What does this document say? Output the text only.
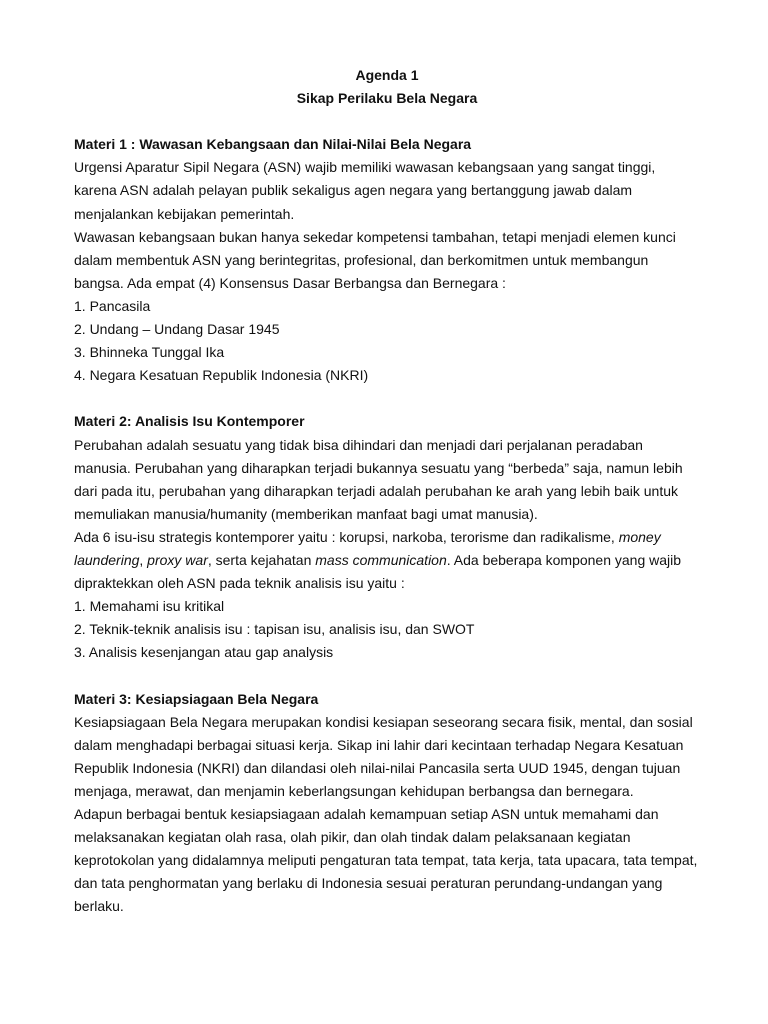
Agenda 1
Sikap Perilaku Bela Negara
Materi 1 : Wawasan Kebangsaan dan Nilai-Nilai Bela Negara

Urgensi Aparatur Sipil Negara (ASN) wajib memiliki wawasan kebangsaan yang sangat tinggi, karena ASN adalah pelayan publik sekaligus agen negara yang bertanggung jawab dalam menjalankan kebijakan pemerintah.

Wawasan kebangsaan bukan hanya sekedar kompetensi tambahan, tetapi menjadi elemen kunci dalam membentuk ASN yang berintegritas, profesional, dan berkomitmen untuk membangun bangsa. Ada empat (4) Konsensus Dasar Berbangsa dan Bernegara :

1. Pancasila
2. Undang – Undang Dasar 1945
3. Bhinneka Tunggal Ika
4. Negara Kesatuan Republik Indonesia (NKRI)
Materi 2: Analisis Isu Kontemporer

Perubahan adalah sesuatu yang tidak bisa dihindari dan menjadi dari perjalanan peradaban manusia. Perubahan yang diharapkan terjadi bukannya sesuatu yang “berbeda” saja, namun lebih dari pada itu, perubahan yang diharapkan terjadi adalah perubahan ke arah yang lebih baik untuk memuliakan manusia/humanity (memberikan manfaat bagi umat manusia).

Ada 6 isu-isu strategis kontemporer yaitu : korupsi, narkoba, terorisme dan radikalisme, money laundering, proxy war, serta kejahatan mass communication. Ada beberapa komponen yang wajib dipraktekkan oleh ASN pada teknik analisis isu yaitu :

1. Memahami isu kritikal
2. Teknik-teknik analisis isu : tapisan isu, analisis isu, dan SWOT
3. Analisis kesenjangan atau gap analysis
Materi 3: Kesiapsiagaan Bela Negara

Kesiapsiagaan Bela Negara merupakan kondisi kesiapan seseorang secara fisik, mental, dan sosial dalam menghadapi berbagai situasi kerja. Sikap ini lahir dari kecintaan terhadap Negara Kesatuan Republik Indonesia (NKRI) dan dilandasi oleh nilai-nilai Pancasila serta UUD 1945, dengan tujuan menjaga, merawat, dan menjamin keberlangsungan kehidupan berbangsa dan bernegara.

Adapun berbagai bentuk kesiapsiagaan adalah kemampuan setiap ASN untuk memahami dan melaksanakan kegiatan olah rasa, olah pikir, dan olah tindak dalam pelaksanaan kegiatan keprotokolan yang didalamnya meliputi pengaturan tata tempat, tata kerja, tata upacara, tata tempat, dan tata penghormatan yang berlaku di Indonesia sesuai peraturan perundang-undangan yang berlaku.
